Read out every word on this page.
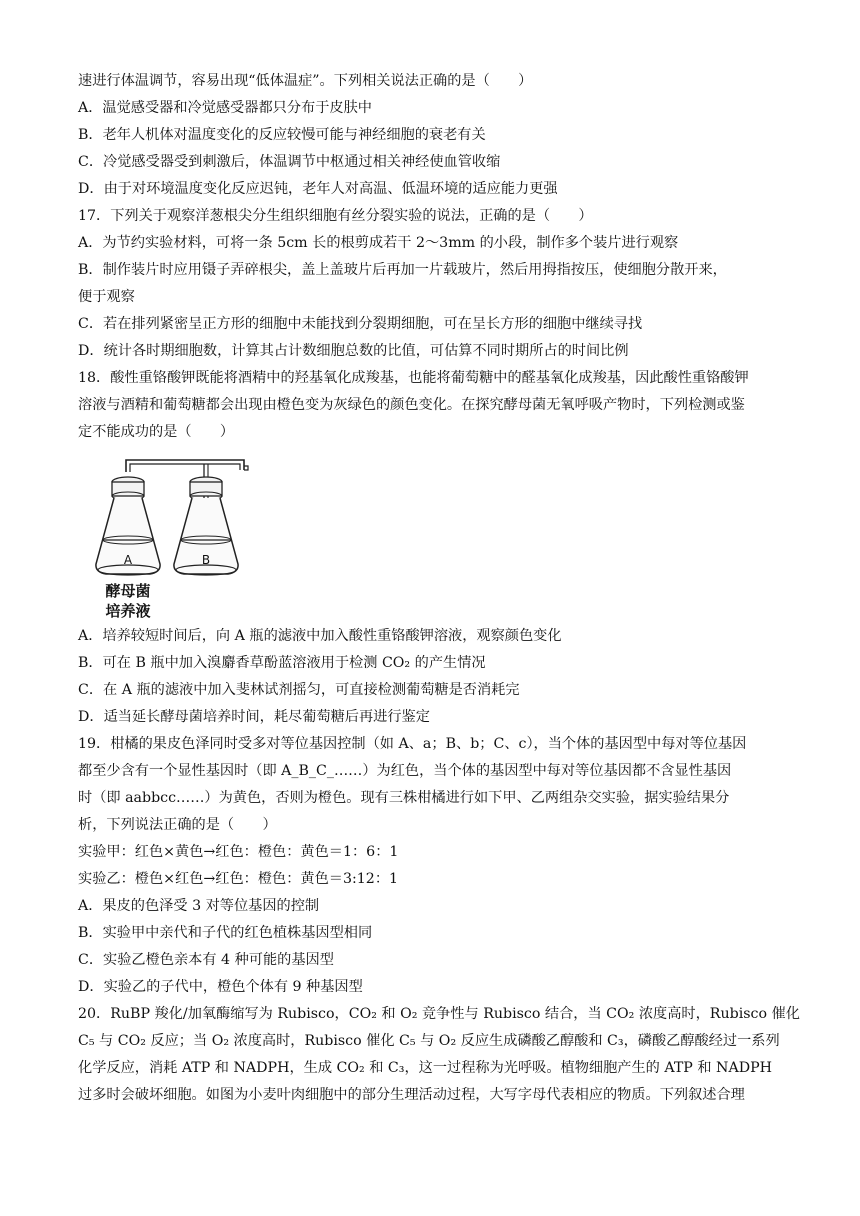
速进行体温调节，容易出现“低体温症”。下列相关说法正确的是（　　）
A．温觉感受器和冷觉感受器都只分布于皮肤中
B．老年人机体对温度变化的反应较慢可能与神经细胞的衰老有关
C．冷觉感受器受到刺激后，体温调节中枢通过相关神经使血管收缩
D．由于对环境温度变化反应迟钝，老年人对高温、低温环境的适应能力更强
17．下列关于观察洋葱根尖分生组织细胞有丝分裂实验的说法，正确的是（　　）
A．为节约实验材料，可将一条 5cm 长的根剪成若干 2～3mm 的小段，制作多个装片进行观察
B．制作装片时应用镊子弄碎根尖，盖上盖玻片后再加一片载玻片，然后用拇指按压，使细胞分散开来，
便于观察
C．若在排列紧密呈正方形的细胞中未能找到分裂期细胞，可在呈长方形的细胞中继续寻找
D．统计各时期细胞数，计算其占计数细胞总数的比值，可估算不同时期所占的时间比例
18．酸性重铬酸钾既能将酒精中的羟基氧化成羧基，也能将葡萄糖中的醛基氧化成羧基，因此酸性重铬酸钾
溶液与酒精和葡萄糖都会出现由橙色变为灰绿色的颜色变化。在探究酵母菌无氧呼吸产物时，下列检测或鉴
定不能成功的是（　　）
A．培养较短时间后，向 A 瓶的滤液中加入酸性重铬酸钾溶液，观察颜色变化
B．可在 B 瓶中加入溴麝香草酚蓝溶液用于检测 CO₂ 的产生情况
C．在 A 瓶的滤液中加入斐林试剂摇匀，可直接检测葡萄糖是否消耗完
D．适当延长酵母菌培养时间，耗尽葡萄糖后再进行鉴定
19．柑橘的果皮色泽同时受多对等位基因控制（如 A、a；B、b；C、c），当个体的基因型中每对等位基因
都至少含有一个显性基因时（即 A_B_C_……）为红色，当个体的基因型中每对等位基因都不含显性基因
时（即 aabbcc……）为黄色，否则为橙色。现有三株柑橘进行如下甲、乙两组杂交实验，据实验结果分
析，下列说法正确的是（　　）
实验甲：红色×黄色→红色：橙色：黄色＝1：6：1
实验乙：橙色×红色→红色：橙色：黄色＝3:12：1
A．果皮的色泽受 3 对等位基因的控制
B．实验甲中亲代和子代的红色植株基因型相同
C．实验乙橙色亲本有 4 种可能的基因型
D．实验乙的子代中，橙色个体有 9 种基因型
20．RuBP 羧化/加氧酶缩写为 Rubisco，CO₂ 和 O₂ 竞争性与 Rubisco 结合，当 CO₂ 浓度高时，Rubisco 催化
C₅ 与 CO₂ 反应；当 O₂ 浓度高时，Rubisco 催化 C₅ 与 O₂ 反应生成磷酸乙醇酸和 C₃，磷酸乙醇酸经过一系列
化学反应，消耗 ATP 和 NADPH，生成 CO₂ 和 C₃，这一过程称为光呼吸。植物细胞产生的 ATP 和 NADPH
过多时会破坏细胞。如图为小麦叶肉细胞中的部分生理活动过程，大写字母代表相应的物质。下列叙述合理
A	B
酵母菌
培养液
